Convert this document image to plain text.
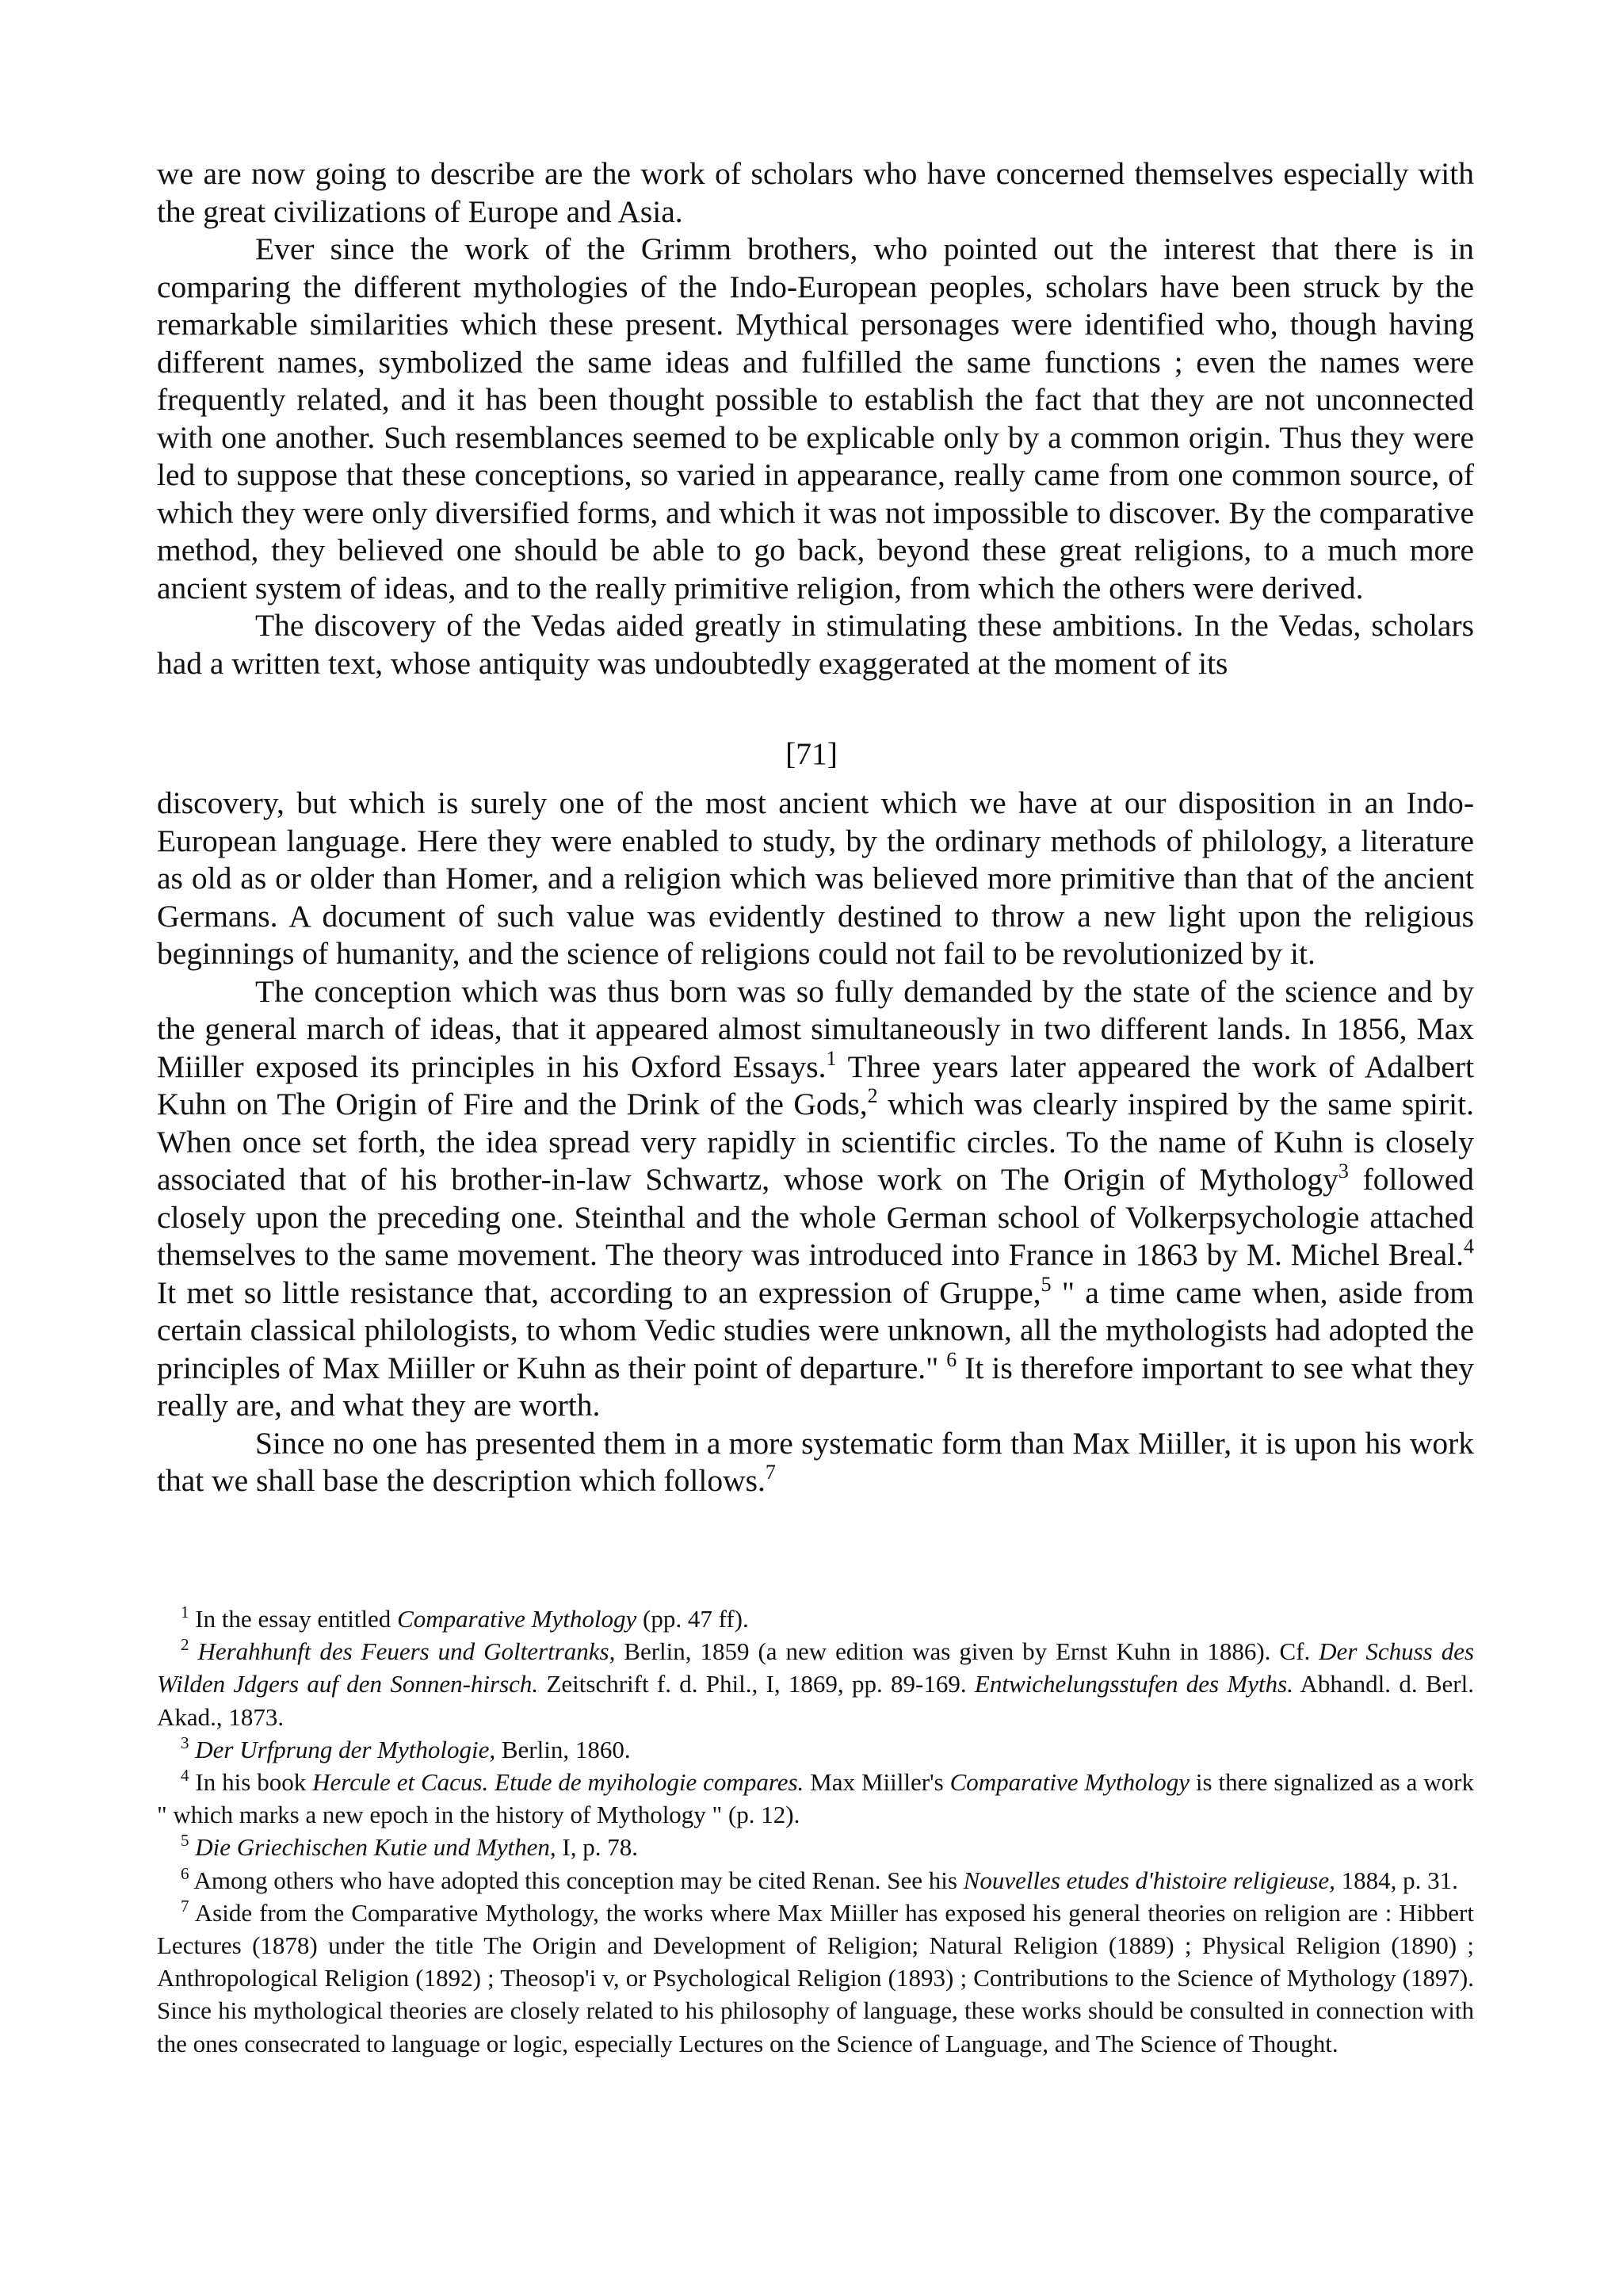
we are now going to describe are the work of scholars who have concerned themselves especially with the great civilizations of Europe and Asia.

Ever since the work of the Grimm brothers, who pointed out the interest that there is in comparing the different mythologies of the Indo-European peoples, scholars have been struck by the remarkable similarities which these present. Mythical personages were identified who, though having different names, symbolized the same ideas and fulfilled the same functions ; even the names were frequently related, and it has been thought possible to establish the fact that they are not unconnected with one another. Such resemblances seemed to be explicable only by a common origin. Thus they were led to suppose that these conceptions, so varied in appearance, really came from one common source, of which they were only diversified forms, and which it was not impossible to discover. By the comparative method, they believed one should be able to go back, beyond these great religions, to a much more ancient system of ideas, and to the really primitive religion, from which the others were derived.

The discovery of the Vedas aided greatly in stimulating these ambitions. In the Vedas, scholars had a written text, whose antiquity was undoubtedly exaggerated at the moment of its

[71]

discovery, but which is surely one of the most ancient which we have at our disposition in an Indo-European language. Here they were enabled to study, by the ordinary methods of philology, a literature as old as or older than Homer, and a religion which was believed more primitive than that of the ancient Germans. A document of such value was evidently destined to throw a new light upon the religious beginnings of humanity, and the science of religions could not fail to be revolutionized by it.

The conception which was thus born was so fully demanded by the state of the science and by the general march of ideas, that it appeared almost simultaneously in two different lands. In 1856, Max Miiller exposed its principles in his Oxford Essays.$^1$ Three years later appeared the work of Adalbert Kuhn on The Origin of Fire and the Drink of the Gods,$^2$ which was clearly inspired by the same spirit. When once set forth, the idea spread very rapidly in scientific circles. To the name of Kuhn is closely associated that of his brother-in-law Schwartz, whose work on The Origin of Mythology$^3$ followed closely upon the preceding one. Steinthal and the whole German school of Volkerpsychologie attached themselves to the same movement. The theory was introduced into France in 1863 by M. Michel Breal.$^4$ It met so little resistance that, according to an expression of Gruppe,$^5$ " a time came when, aside from certain classical philologists, to whom Vedic studies were unknown, all the mythologists had adopted the principles of Max Miiller or Kuhn as their point of departure." $^6$ It is therefore important to see what they really are, and what they are worth.

Since no one has presented them in a more systematic form than Max Miiller, it is upon his work that we shall base the description which follows.$^7$

$^1$ In the essay entitled Comparative Mythology (pp. 47 ff).

$^2$ Herahhunft des Feuers und Goltertranks, Berlin, 1859 (a new edition was given by Ernst Kuhn in 1886). Cf. Der Schuss des Wilden Jdgers auf den Sonnen-hirsch. Zeitschrift f. d. Phil., I, 1869, pp. 89-169. Entwichelungsstufen des Myths. Abhandl. d. Berl. Akad., 1873.

$^3$ Der Urfprung der Mythologie, Berlin, 1860.

$^4$ In his book Hercule et Cacus. Etude de myihologie compares. Max Miiller's Comparative Mythology is there signalized as a work " which marks a new epoch in the history of Mythology " (p. 12).

$^5$ Die Griechischen Kutie und Mythen, I, p. 78.

$^6$ Among others who have adopted this conception may be cited Renan. See his Nouvelles etudes d'histoire religieuse, 1884, p. 31.

$^7$ Aside from the Comparative Mythology, the works where Max Miiller has exposed his general theories on religion are : Hibbert Lectures (1878) under the title The Origin and Development of Religion; Natural Religion (1889) ; Physical Religion (1890) ; Anthropological Religion (1892) ; Theosop'i v, or Psychological Religion (1893) ; Contributions to the Science of Mythology (1897). Since his mythological theories are closely related to his philosophy of language, these works should be consulted in connection with the ones consecrated to language or logic, especially Lectures on the Science of Language, and The Science of Thought.
